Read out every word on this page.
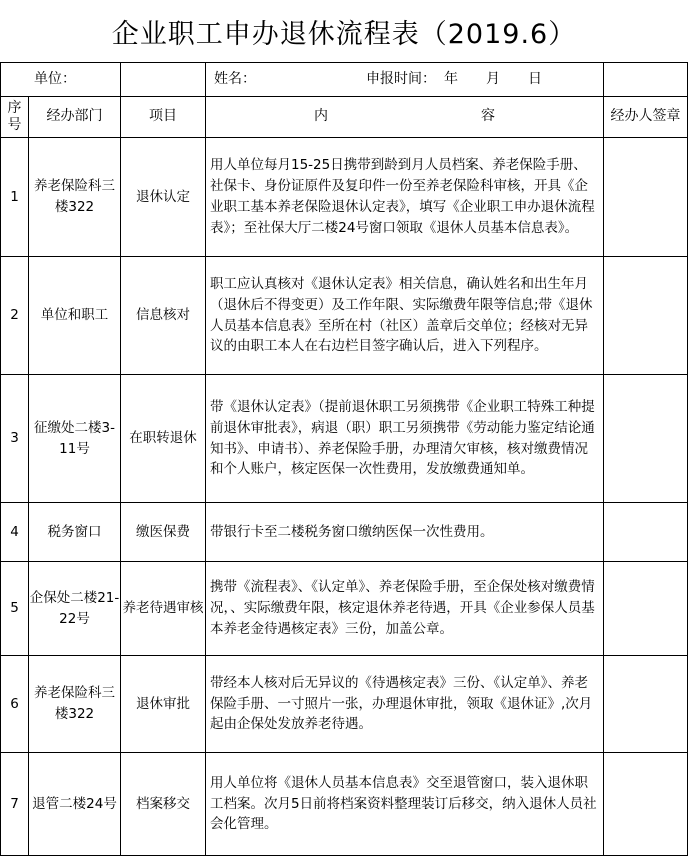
企业职工申办退休流程表（2019.6）
单位：			姓名： 申报时间： 年 月 日	
序号	经办部门	项目	内 容	经办人签章
1	养老保险科三楼322	退休认定	用人单位每月15-25日携带到龄到月人员档案、养老保险手册、社保卡、身份证原件及复印件一份至养老保险科审核，开具《企业职工基本养老保险退休认定表》，填写《企业职工申办退休流程表》；至社保大厅二楼24号窗口领取《退休人员基本信息表》。	
2	单位和职工	信息核对	职工应认真核对《退休认定表》相关信息，确认姓名和出生年月（退休后不得变更）及工作年限、实际缴费年限等信息;带《退休人员基本信息表》至所在村（社区）盖章后交单位；经核对无异议的由职工本人在右边栏目签字确认后，进入下列程序。	
3	征缴处二楼3-11号	在职转退休	带《退休认定表》（提前退休职工另须携带《企业职工特殊工种提前退休审批表》，病退（职）职工另须携带《劳动能力鉴定结论通知书》、申请书）、养老保险手册，办理清欠审核，核对缴费情况和个人账户，核定医保一次性费用，发放缴费通知单。	
4	税务窗口	缴医保费	带银行卡至二楼税务窗口缴纳医保一次性费用。	
5	企保处二楼21-22号	养老待遇审核	携带《流程表》、《认定单》、养老保险手册，至企保处核对缴费情况，、实际缴费年限，核定退休养老待遇，开具《企业参保人员基本养老金待遇核定表》三份，加盖公章。	
6	养老保险科三楼322	退休审批	带经本人核对后无异议的《待遇核定表》三份、《认定单》、养老保险手册、一寸照片一张，办理退休审批，领取《退休证》,次月起由企保处发放养老待遇。	
7	退管二楼24号	档案移交	用人单位将《退休人员基本信息表》交至退管窗口，装入退休职工档案。次月5日前将档案资料整理装订后移交，纳入退休人员社会化管理。	
